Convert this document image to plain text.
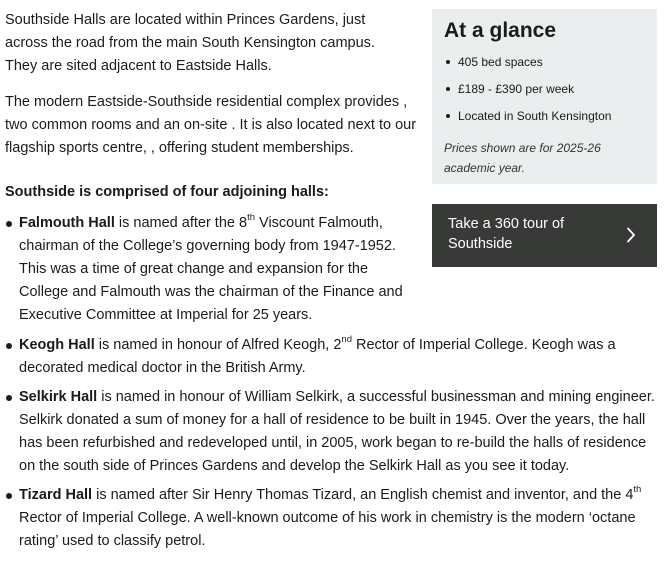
Southside Halls are located within Princes Gardens, just across the road from the main South Kensington campus. They are sited adjacent to Eastside Halls.

The modern Eastside-Southside residential complex provides , two common rooms and an on-site . It is also located next to our flagship sports centre, , offering student memberships.

Southside is comprised of four adjoining halls:

Falmouth Hall is named after the 8th Viscount Falmouth, chairman of the College’s governing body from 1947-1952. This was a time of great change and expansion for the College and Falmouth was the chairman of the Finance and Executive Committee at Imperial for 25 years.
Keogh Hall is named in honour of Alfred Keogh, 2nd Rector of Imperial College. Keogh was a decorated medical doctor in the British Army.
Selkirk Hall is named in honour of William Selkirk, a successful businessman and mining engineer. Selkirk donated a sum of money for a hall of residence to be built in 1945. Over the years, the hall has been refurbished and redeveloped until, in 2005, work began to re-build the halls of residence on the south side of Princes Gardens and develop the Selkirk Hall as you see it today.
Tizard Hall is named after Sir Henry Thomas Tizard, an English chemist and inventor, and the 4th Rector of Imperial College. A well-known outcome of his work in chemistry is the modern ‘octane rating’ used to classify petrol.
At a glance
405 bed spaces
£189 - £390 per week
Located in South Kensington

Prices shown are for 2025-26 academic year.

Take a 360 tour of Southside
